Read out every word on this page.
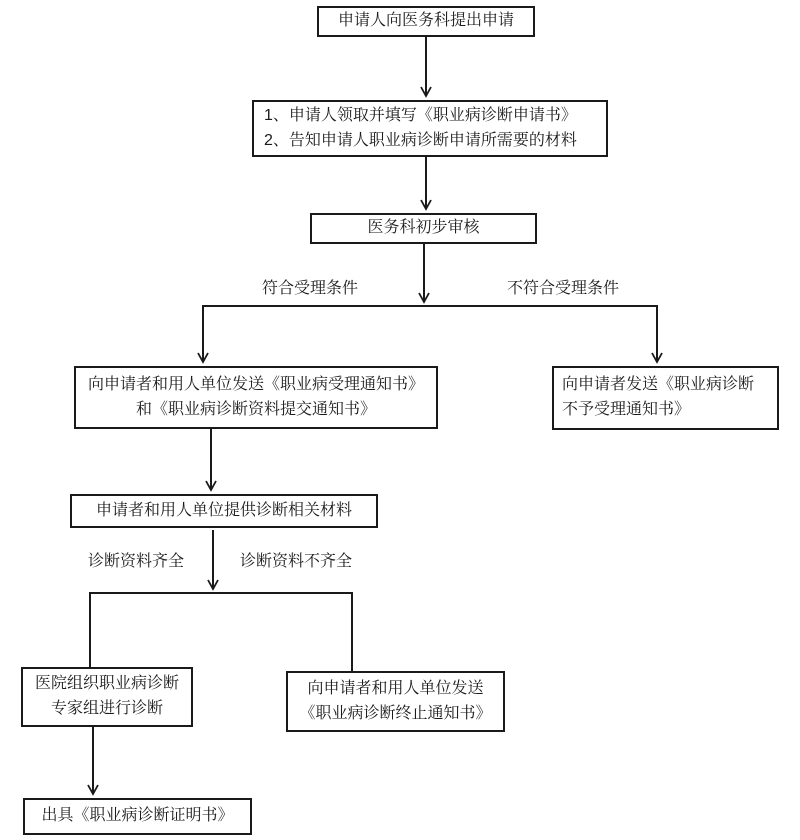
申请人向医务科提出申请
1、申请人领取并填写《职业病诊断申请书》
2、告知申请人职业病诊断申请所需要的材料
医务科初步审核
符合受理条件	不符合受理条件
向申请者和用人单位发送《职业病受理通知书》
和《职业病诊断资料提交通知书》
向申请者发送《职业病诊断
不予受理通知书》
申请者和用人单位提供诊断相关材料
诊断资料齐全	诊断资料不齐全
医院组织职业病诊断
专家组进行诊断
向申请者和用人单位发送
《职业病诊断终止通知书》
出具《职业病诊断证明书》
